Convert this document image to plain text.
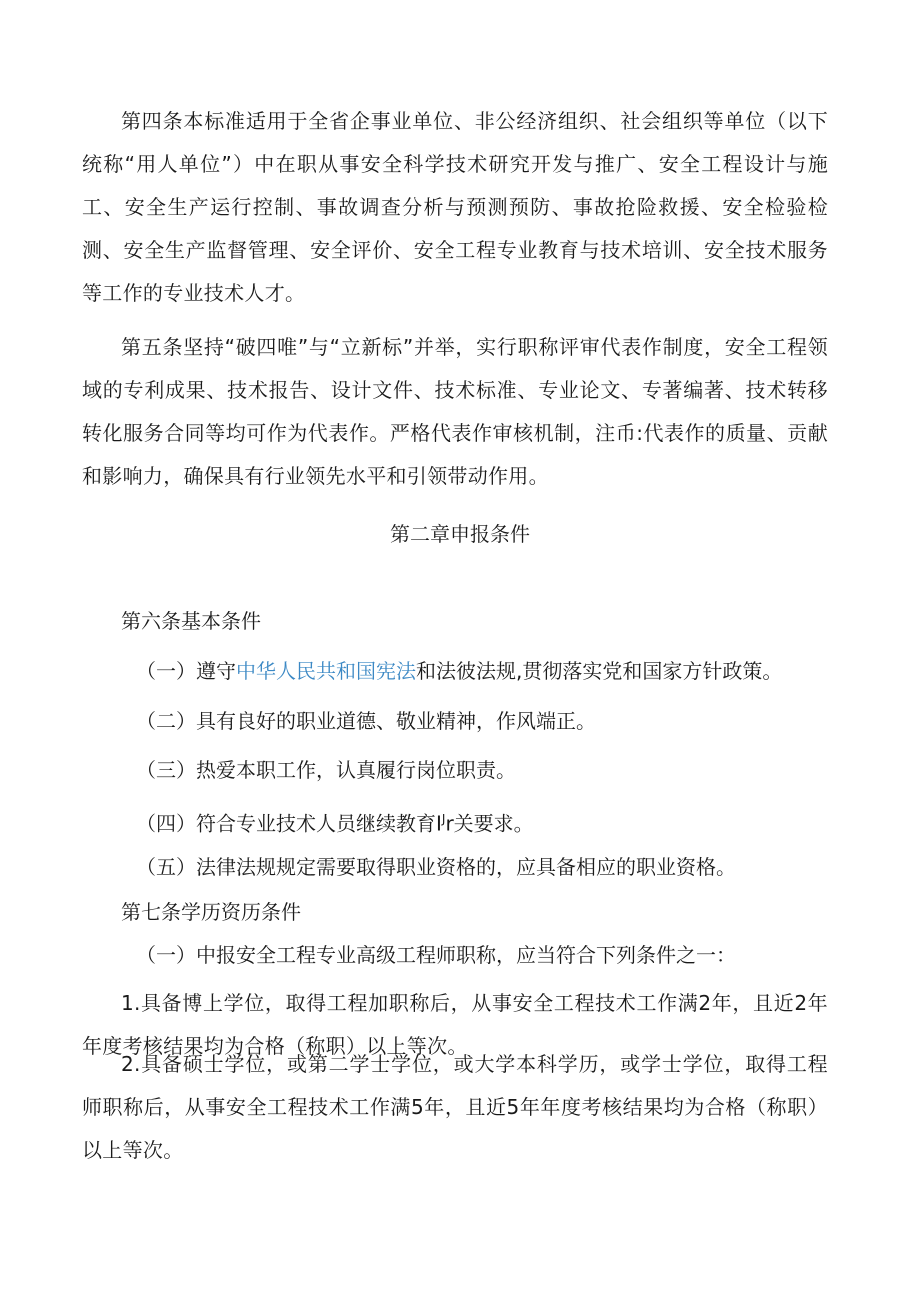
第四条本标准适用于全省企事业单位、非公经济组织、社会组织等单位（以下统称“用人单位”）中在职从事安全科学技术研究开发与推广、安全工程设计与施工、安全生产运行控制、事故调查分析与预测预防、事故抢险救援、安全检验检测、安全生产监督管理、安全评价、安全工程专业教育与技术培训、安全技术服务等工作的专业技术人才。

第五条坚持“破四唯”与“立新标”并举，实行职称评审代表作制度，安全工程领域的专利成果、技术报告、设计文件、技术标准、专业论文、专著编著、技术转移转化服务合同等均可作为代表作。严格代表作审核机制，注币:代表作的质量、贡献和影响力，确保具有行业领先水平和引领带动作用。

第二章申报条件

第六条基本条件

（一）遵守中华人民共和国宪法和法彼法规,贯彻落实党和国家方针政策。

（二）具有良好的职业道德、敬业精神，作风端正。

（三）热爱本职工作，认真履行岗位职责。

（四）符合专业技术人员继续教育$I^Jr$关要求。

（五）法律法规规定需要取得职业资格的，应具备相应的职业资格。

第七条学历资历条件

（一）中报安全工程专业高级工程师职称，应当符合下列条件之一：

1.具备博上学位，取得工程加职称后，从事安全工程技术工作满2年，且近2年年度考核结果均为合格（称职）以上等次。

2.具备硕士学位，或第二学士学位，或大学本科学历，或学士学位，取得工程师职称后，从事安全工程技术工作满5年，且近5年年度考核结果均为合格（称职）以上等次。
